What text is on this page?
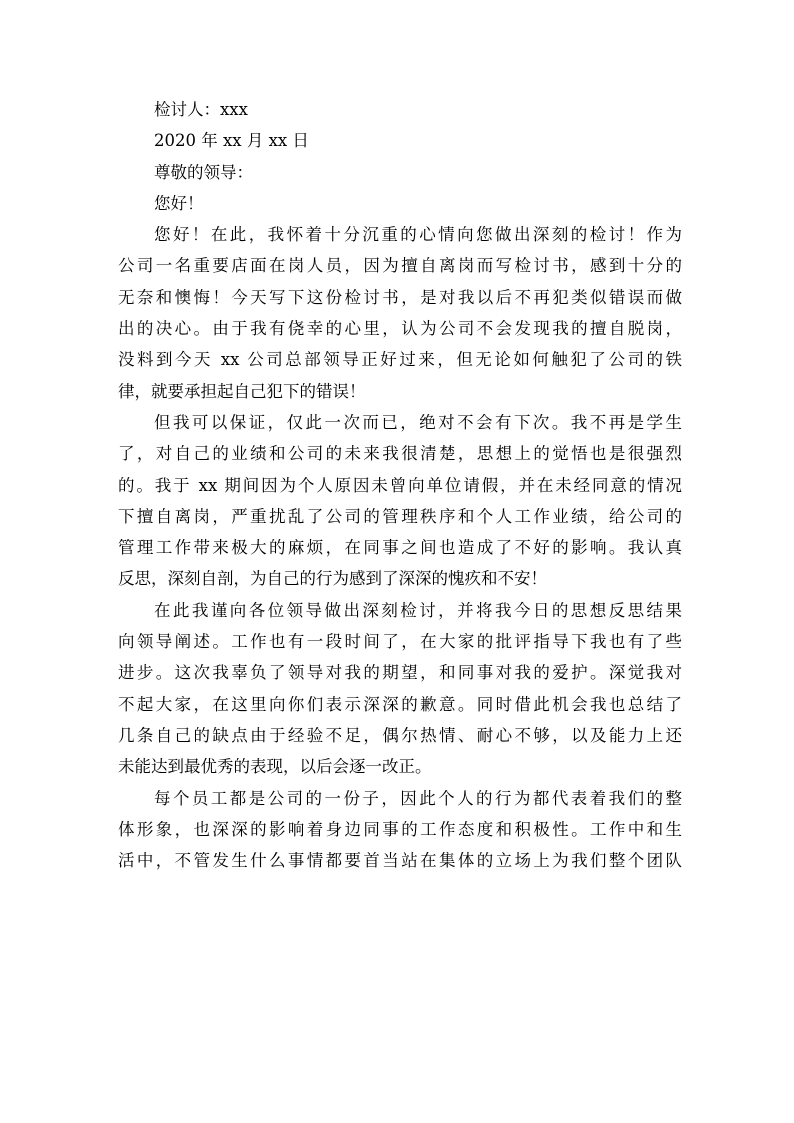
检讨人：xxx

2020 年 xx 月 xx 日

尊敬的领导：

您好！

您好！在此，我怀着十分沉重的心情向您做出深刻的检讨！作为
公司一名重要店面在岗人员，因为擅自离岗而写检讨书，感到十分的
无奈和懊悔！今天写下这份检讨书，是对我以后不再犯类似错误而做
出的决心。由于我有侥幸的心里，认为公司不会发现我的擅自脱岗，
没料到今天 xx 公司总部领导正好过来，但无论如何触犯了公司的铁
律，就要承担起自己犯下的错误！
但我可以保证，仅此一次而已，绝对不会有下次。我不再是学生
了，对自己的业绩和公司的未来我很清楚，思想上的觉悟也是很强烈
的。我于 xx 期间因为个人原因未曾向单位请假，并在未经同意的情况
下擅自离岗，严重扰乱了公司的管理秩序和个人工作业绩，给公司的
管理工作带来极大的麻烦，在同事之间也造成了不好的影响。我认真
反思，深刻自剖，为自己的行为感到了深深的愧疚和不安！
在此我谨向各位领导做出深刻检讨，并将我今日的思想反思结果
向领导阐述。工作也有一段时间了，在大家的批评指导下我也有了些
进步。这次我辜负了领导对我的期望，和同事对我的爱护。深觉我对
不起大家，在这里向你们表示深深的歉意。同时借此机会我也总结了
几条自己的缺点由于经验不足，偶尔热情、耐心不够，以及能力上还
未能达到最优秀的表现，以后会逐一改正。
每个员工都是公司的一份子，因此个人的行为都代表着我们的整
体形象，也深深的影响着身边同事的工作态度和积极性。工作中和生
活中，不管发生什么事情都要首当站在集体的立场上为我们整个团队
